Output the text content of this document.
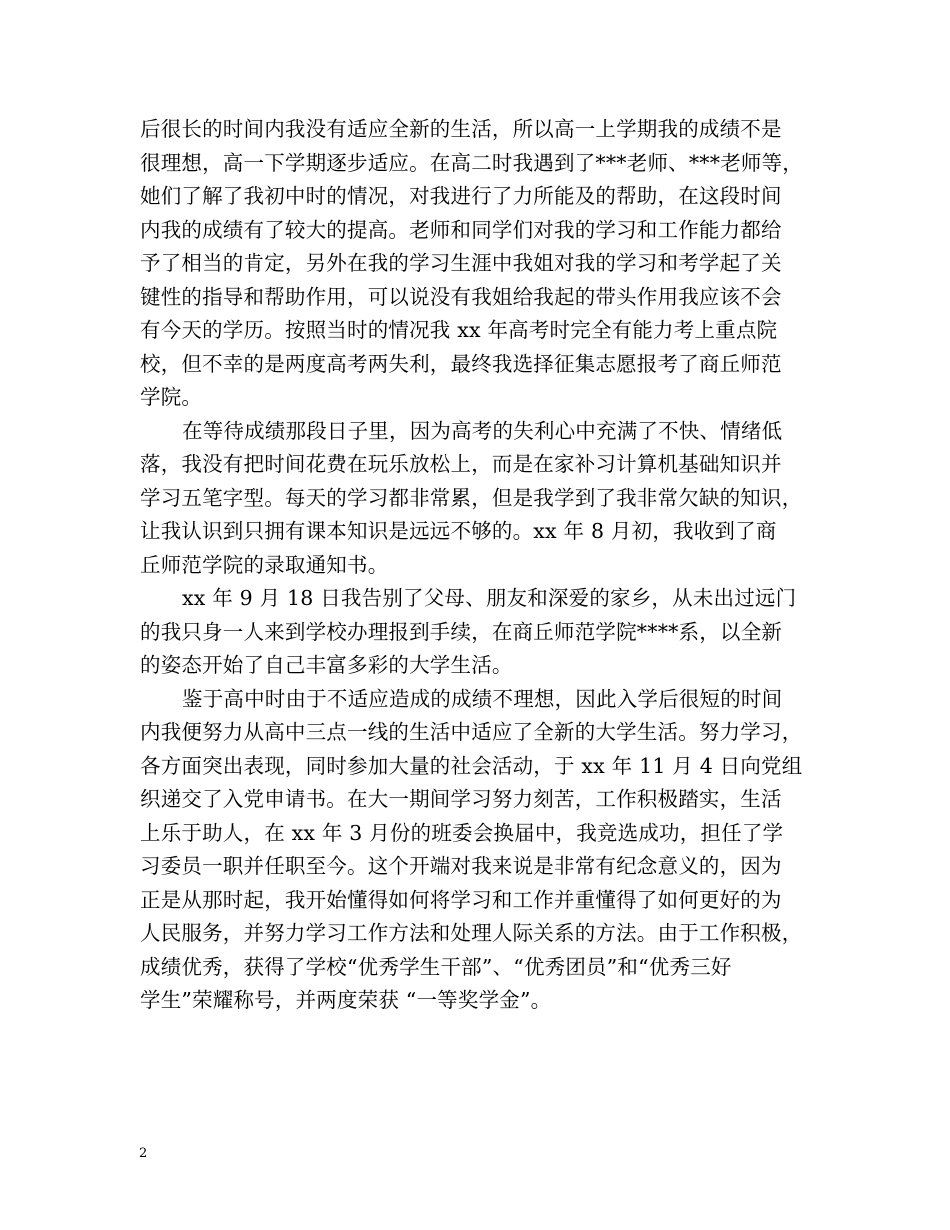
后很长的时间内我没有适应全新的生活，所以高一上学期我的成绩不是
很理想，高一下学期逐步适应。在高二时我遇到了***老师、***老师等，
她们了解了我初中时的情况，对我进行了力所能及的帮助，在这段时间
内我的成绩有了较大的提高。老师和同学们对我的学习和工作能力都给
予了相当的肯定，另外在我的学习生涯中我姐对我的学习和考学起了关
键性的指导和帮助作用，可以说没有我姐给我起的带头作用我应该不会
有今天的学历。按照当时的情况我 xx 年高考时完全有能力考上重点院
校，但不幸的是两度高考两失利，最终我选择征集志愿报考了商丘师范
学院。
在等待成绩那段日子里，因为高考的失利心中充满了不快、情绪低
落，我没有把时间花费在玩乐放松上，而是在家补习计算机基础知识并
学习五笔字型。每天的学习都非常累，但是我学到了我非常欠缺的知识，
让我认识到只拥有课本知识是远远不够的。xx 年 8 月初，我收到了商
丘师范学院的录取通知书。
xx 年 9 月 18 日我告别了父母、朋友和深爱的家乡，从未出过远门
的我只身一人来到学校办理报到手续，在商丘师范学院****系，以全新
的姿态开始了自己丰富多彩的大学生活。
鉴于高中时由于不适应造成的成绩不理想，因此入学后很短的时间
内我便努力从高中三点一线的生活中适应了全新的大学生活。努力学习，
各方面突出表现，同时参加大量的社会活动，于 xx 年 11 月 4 日向党组
织递交了入党申请书。在大一期间学习努力刻苦，工作积极踏实，生活
上乐于助人，在 xx 年 3 月份的班委会换届中，我竞选成功，担任了学
习委员一职并任职至今。这个开端对我来说是非常有纪念意义的，因为
正是从那时起，我开始懂得如何将学习和工作并重懂得了如何更好的为
人民服务，并努力学习工作方法和处理人际关系的方法。由于工作积极，
成绩优秀，获得了学校“优秀学生干部”、“优秀团员”和“优秀三好
学生”荣耀称号，并两度荣获 “一等奖学金”。
2
